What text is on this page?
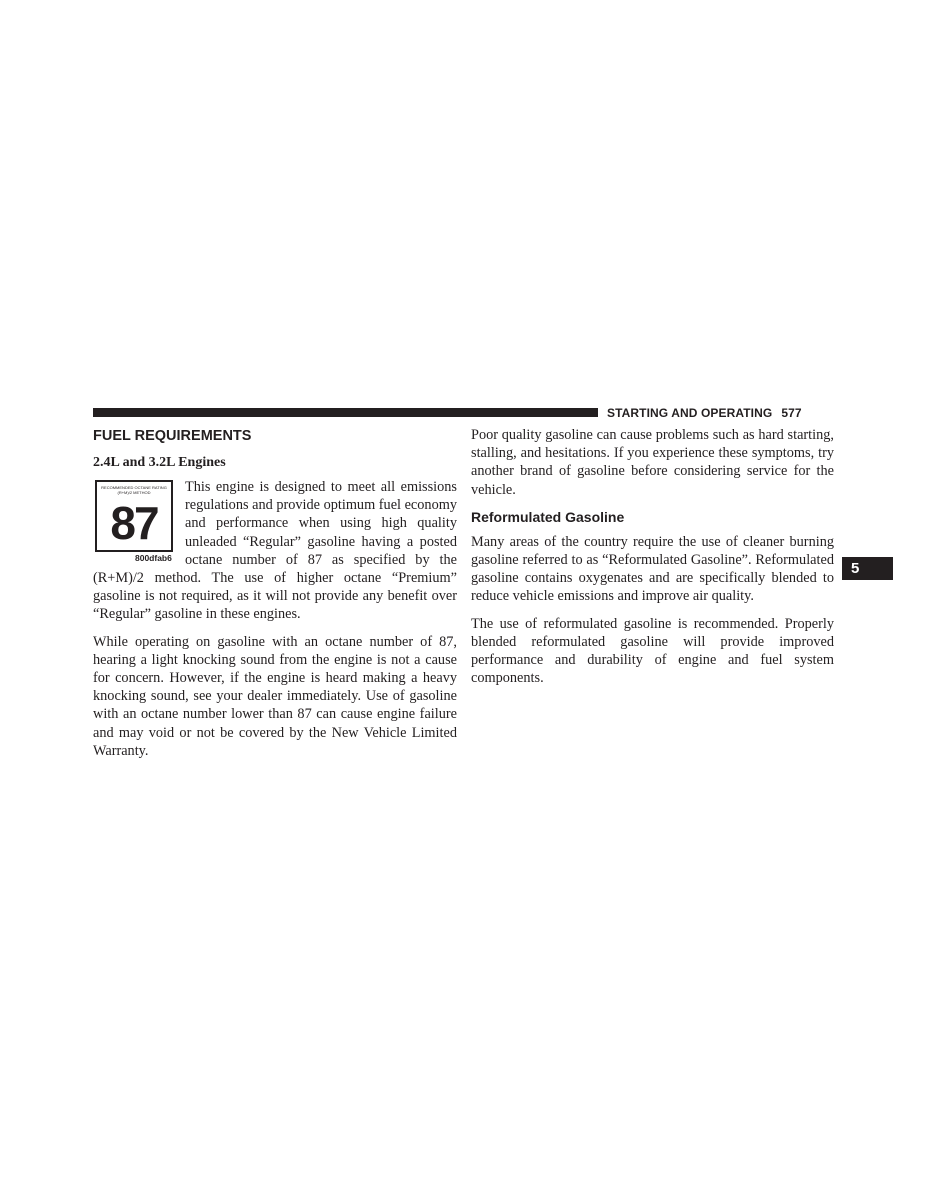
STARTING AND OPERATING 577
5
FUEL REQUIREMENTS
2.4L and 3.2L Engines
RECOMMENDED OCTANE RATING
(R+M)/2 METHOD
87
800dfab6

This engine is designed to meet all emissions regulations and provide optimum fuel economy and performance when using high quality unleaded “Regular” gasoline having a posted octane number of 87 as specified by the (R+M)/2 method. The use of higher octane “Premium” gasoline is not required, as it will not provide any benefit over “Regular” gasoline in these engines.

While operating on gasoline with an octane number of 87, hearing a light knocking sound from the engine is not a cause for concern. However, if the engine is heard making a heavy knocking sound, see your dealer immediately. Use of gasoline with an octane number lower than 87 can cause engine failure and may void or not be covered by the New Vehicle Limited Warranty.

Poor quality gasoline can cause problems such as hard starting, stalling, and hesitations. If you experience these symptoms, try another brand of gasoline before considering service for the vehicle.

Reformulated Gasoline

Many areas of the country require the use of cleaner burning gasoline referred to as “Reformulated Gasoline”. Reformulated gasoline contains oxygenates and are specifically blended to reduce vehicle emissions and improve air quality.

The use of reformulated gasoline is recommended. Properly blended reformulated gasoline will provide improved performance and durability of engine and fuel system components.
